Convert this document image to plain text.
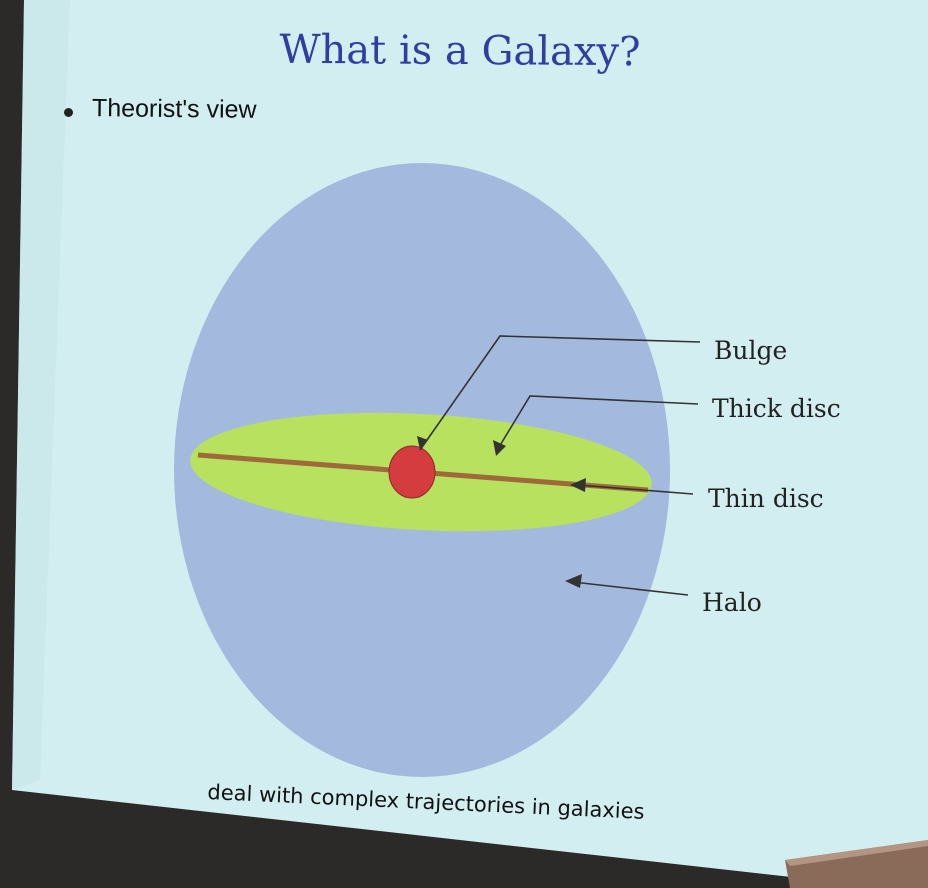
What is a Galaxy?
Theorist's view
Bulge
Thick disc
Thin disc
Halo
deal with complex trajectories in galaxies
